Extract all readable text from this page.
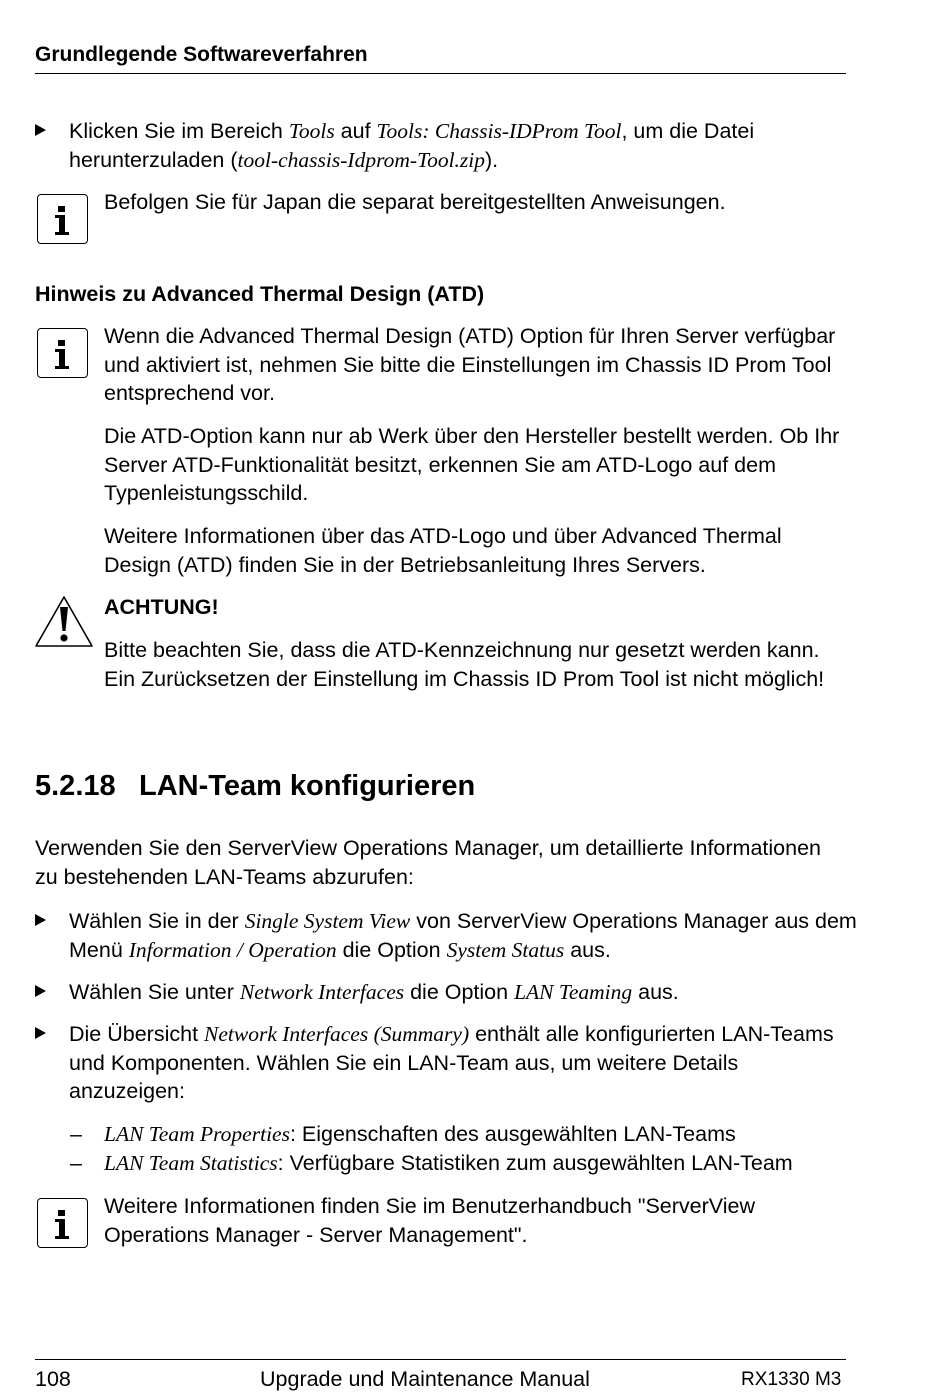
Grundlegende Softwareverfahren
Klicken Sie im Bereich Tools auf Tools: Chassis-IDProm Tool, um die Datei herunterzuladen (tool-chassis-Idprom-Tool.zip).
Befolgen Sie für Japan die separat bereitgestellten Anweisungen.
Hinweis zu Advanced Thermal Design (ATD)
Wenn die Advanced Thermal Design (ATD) Option für Ihren Server verfügbar und aktiviert ist, nehmen Sie bitte die Einstellungen im Chassis ID Prom Tool entsprechend vor.
Die ATD-Option kann nur ab Werk über den Hersteller bestellt werden. Ob Ihr Server ATD-Funktionalität besitzt, erkennen Sie am ATD-Logo auf dem Typenleistungsschild.
Weitere Informationen über das ATD-Logo und über Advanced Thermal Design (ATD) finden Sie in der Betriebsanleitung Ihres Servers.
ACHTUNG!
Bitte beachten Sie, dass die ATD-Kennzeichnung nur gesetzt werden kann. Ein Zurücksetzen der Einstellung im Chassis ID Prom Tool ist nicht möglich!
5.2.18 LAN-Team konfigurieren
Verwenden Sie den ServerView Operations Manager, um detaillierte Informationen zu bestehenden LAN-Teams abzurufen:
Wählen Sie in der Single System View von ServerView Operations Manager aus dem Menü Information / Operation die Option System Status aus.
Wählen Sie unter Network Interfaces die Option LAN Teaming aus.
Die Übersicht Network Interfaces (Summary) enthält alle konfigurierten LAN-Teams und Komponenten. Wählen Sie ein LAN-Team aus, um weitere Details anzuzeigen:
– LAN Team Properties: Eigenschaften des ausgewählten LAN-Teams
– LAN Team Statistics: Verfügbare Statistiken zum ausgewählten LAN-Team
Weitere Informationen finden Sie im Benutzerhandbuch "ServerView Operations Manager - Server Management".
108	Upgrade und Maintenance Manual	RX1330 M3
